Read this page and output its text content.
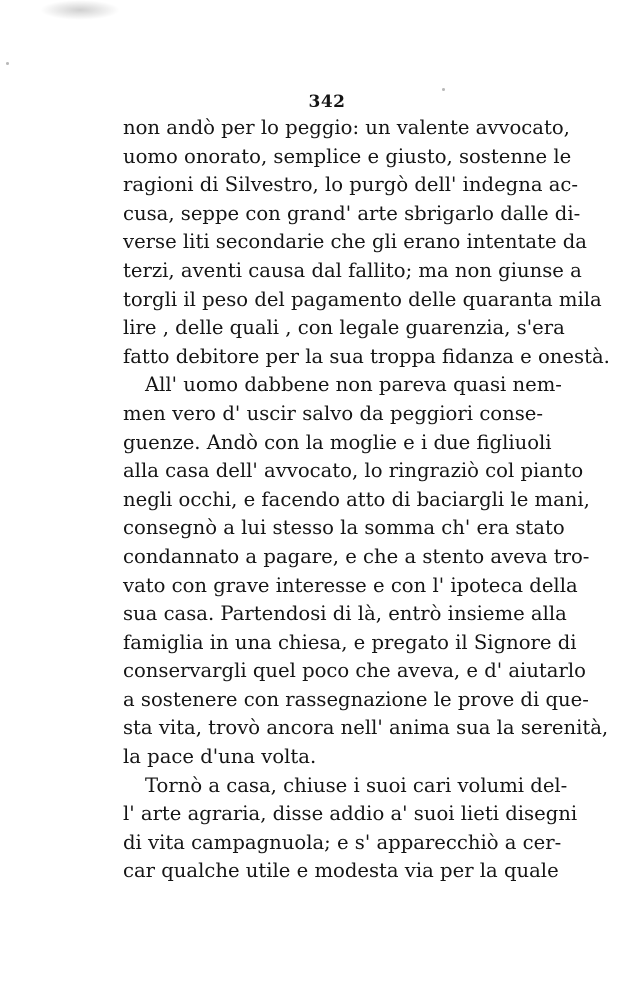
342
non andò per lo peggio: un valente avvocato,
uomo onorato, semplice e giusto, sostenne le
ragioni di Silvestro, lo purgò dell' indegna ac-
cusa, seppe con grand' arte sbrigarlo dalle di-
verse liti secondarie che gli erano intentate da
terzi, aventi causa dal fallito; ma non giunse a
torgli il peso del pagamento delle quaranta mila
lire , delle quali , con legale guarenzia, s'era
fatto debitore per la sua troppa fidanza e onestà.
All' uomo dabbene non pareva quasi nem-
men vero d' uscir salvo da peggiori conse-
guenze. Andò con la moglie e i due figliuoli
alla casa dell' avvocato, lo ringraziò col pianto
negli occhi, e facendo atto di baciargli le mani,
consegnò a lui stesso la somma ch' era stato
condannato a pagare, e che a stento aveva tro-
vato con grave interesse e con l' ipoteca della
sua casa. Partendosi di là, entrò insieme alla
famiglia in una chiesa, e pregato il Signore di
conservargli quel poco che aveva, e d' aiutarlo
a sostenere con rassegnazione le prove di que-
sta vita, trovò ancora nell' anima sua la serenità,
la pace d'una volta.
Tornò a casa, chiuse i suoi cari volumi del-
l' arte agraria, disse addio a' suoi lieti disegni
di vita campagnuola; e s' apparecchiò a cer-
car qualche utile e modesta via per la quale
